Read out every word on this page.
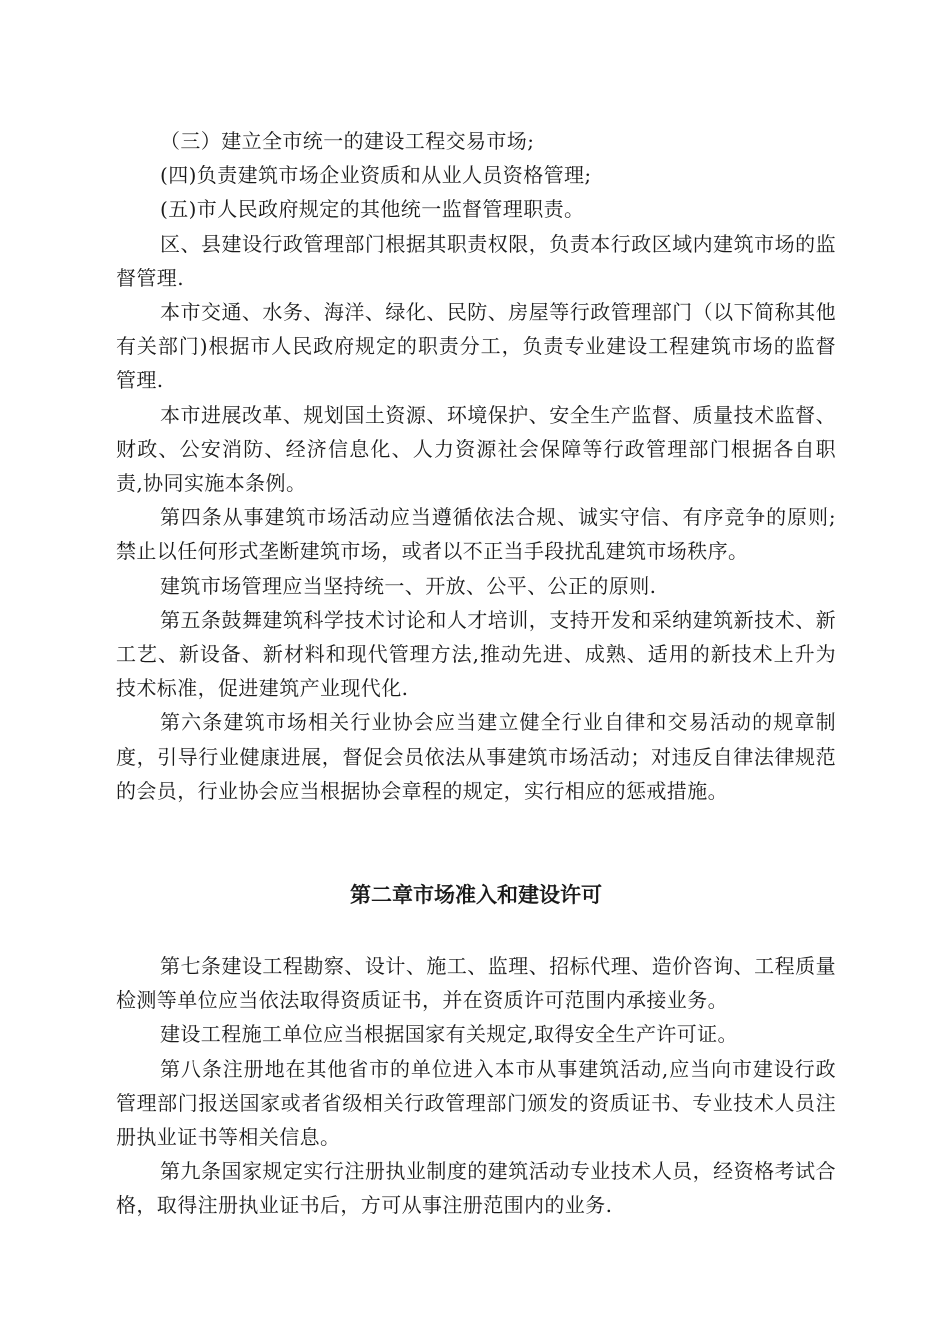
（三）建立全市统一的建设工程交易市场;

(四)负责建筑市场企业资质和从业人员资格管理;

(五)市人民政府规定的其他统一监督管理职责。

区、县建设行政管理部门根据其职责权限，负责本行政区域内建筑市场的监督管理.

本市交通、水务、海洋、绿化、民防、房屋等行政管理部门（以下简称其他有关部门)根据市人民政府规定的职责分工，负责专业建设工程建筑市场的监督管理.

本市进展改革、规划国土资源、环境保护、安全生产监督、质量技术监督、财政、公安消防、经济信息化、人力资源社会保障等行政管理部门根据各自职责,协同实施本条例。

第四条从事建筑市场活动应当遵循依法合规、诚实守信、有序竞争的原则;禁止以任何形式垄断建筑市场，或者以不正当手段扰乱建筑市场秩序。

建筑市场管理应当坚持统一、开放、公平、公正的原则.

第五条鼓舞建筑科学技术讨论和人才培训，支持开发和采纳建筑新技术、新工艺、新设备、新材料和现代管理方法,推动先进、成熟、适用的新技术上升为技术标准，促进建筑产业现代化.

第六条建筑市场相关行业协会应当建立健全行业自律和交易活动的规章制度，引导行业健康进展，督促会员依法从事建筑市场活动；对违反自律法律规范的会员，行业协会应当根据协会章程的规定，实行相应的惩戒措施。

第二章市场准入和建设许可

第七条建设工程勘察、设计、施工、监理、招标代理、造价咨询、工程质量检测等单位应当依法取得资质证书，并在资质许可范围内承接业务。

建设工程施工单位应当根据国家有关规定,取得安全生产许可证。

第八条注册地在其他省市的单位进入本市从事建筑活动,应当向市建设行政管理部门报送国家或者省级相关行政管理部门颁发的资质证书、专业技术人员注册执业证书等相关信息。

第九条国家规定实行注册执业制度的建筑活动专业技术人员，经资格考试合格，取得注册执业证书后，方可从事注册范围内的业务.
